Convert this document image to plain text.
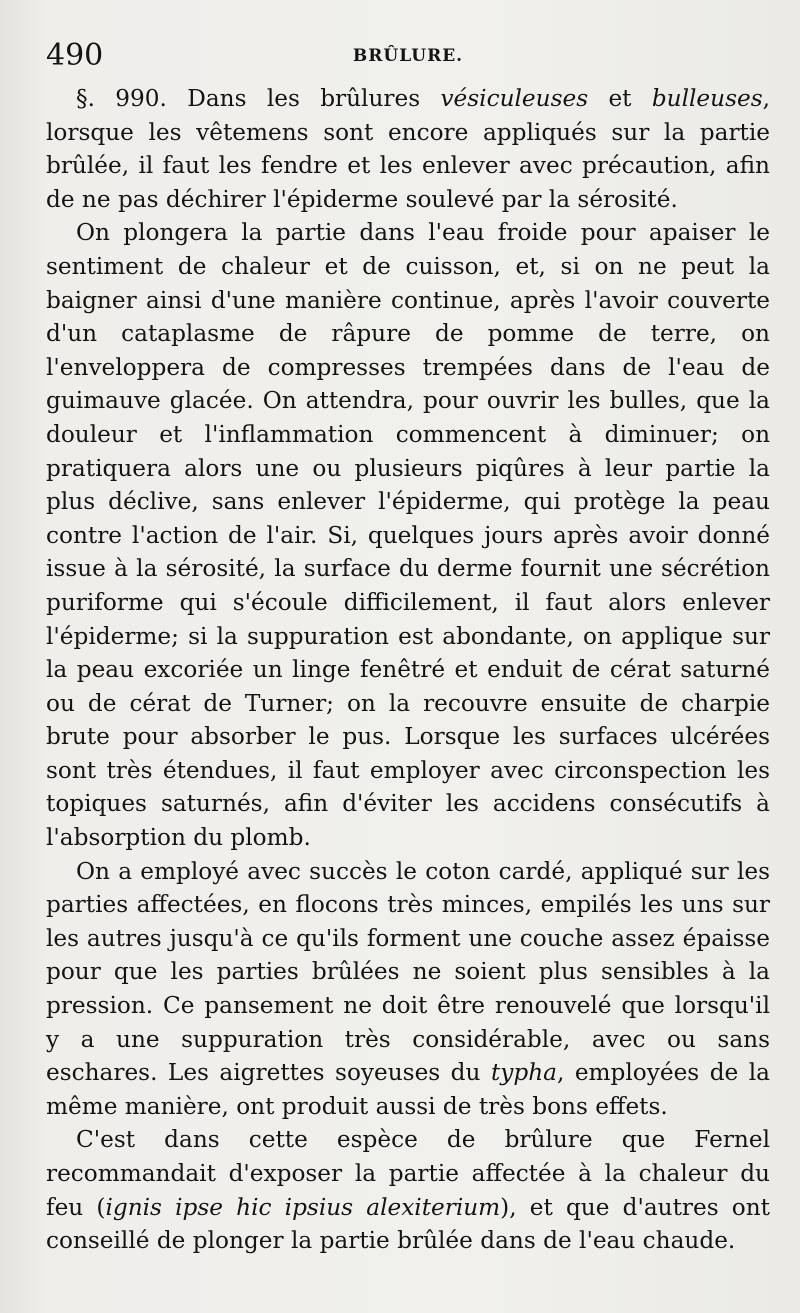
490	BRÛLURE.

§. 990. Dans les brûlures vésiculeuses et bulleuses, lorsque les vêtemens sont encore appliqués sur la partie brûlée, il faut les fendre et les enlever avec précaution, afin de ne pas déchirer l'épiderme soulevé par la sérosité.

On plongera la partie dans l'eau froide pour apaiser le sentiment de chaleur et de cuisson, et, si on ne peut la baigner ainsi d'une manière continue, après l'avoir couverte d'un cataplasme de râpure de pomme de terre, on l'enveloppera de compresses trempées dans de l'eau de guimauve glacée. On attendra, pour ouvrir les bulles, que la douleur et l'inflammation commencent à diminuer; on pratiquera alors une ou plusieurs piqûres à leur partie la plus déclive, sans enlever l'épiderme, qui protège la peau contre l'action de l'air. Si, quelques jours après avoir donné issue à la sérosité, la surface du derme fournit une sécrétion puriforme qui s'écoule difficilement, il faut alors enlever l'épiderme; si la suppuration est abondante, on applique sur la peau excoriée un linge fenêtré et enduit de cérat saturné ou de cérat de Turner; on la recouvre ensuite de charpie brute pour absorber le pus. Lorsque les surfaces ulcérées sont très étendues, il faut employer avec circonspection les topiques saturnés, afin d'éviter les accidens consécutifs à l'absorption du plomb.

On a employé avec succès le coton cardé, appliqué sur les parties affectées, en flocons très minces, empilés les uns sur les autres jusqu'à ce qu'ils forment une couche assez épaisse pour que les parties brûlées ne soient plus sensibles à la pression. Ce pansement ne doit être renouvelé que lorsqu'il y a une suppuration très considérable, avec ou sans eschares. Les aigrettes soyeuses du typha, employées de la même manière, ont produit aussi de très bons effets.

C'est dans cette espèce de brûlure que Fernel recommandait d'exposer la partie affectée à la chaleur du feu (ignis ipse hic ipsius alexiterium), et que d'autres ont conseillé de plonger la partie brûlée dans de l'eau chaude.
